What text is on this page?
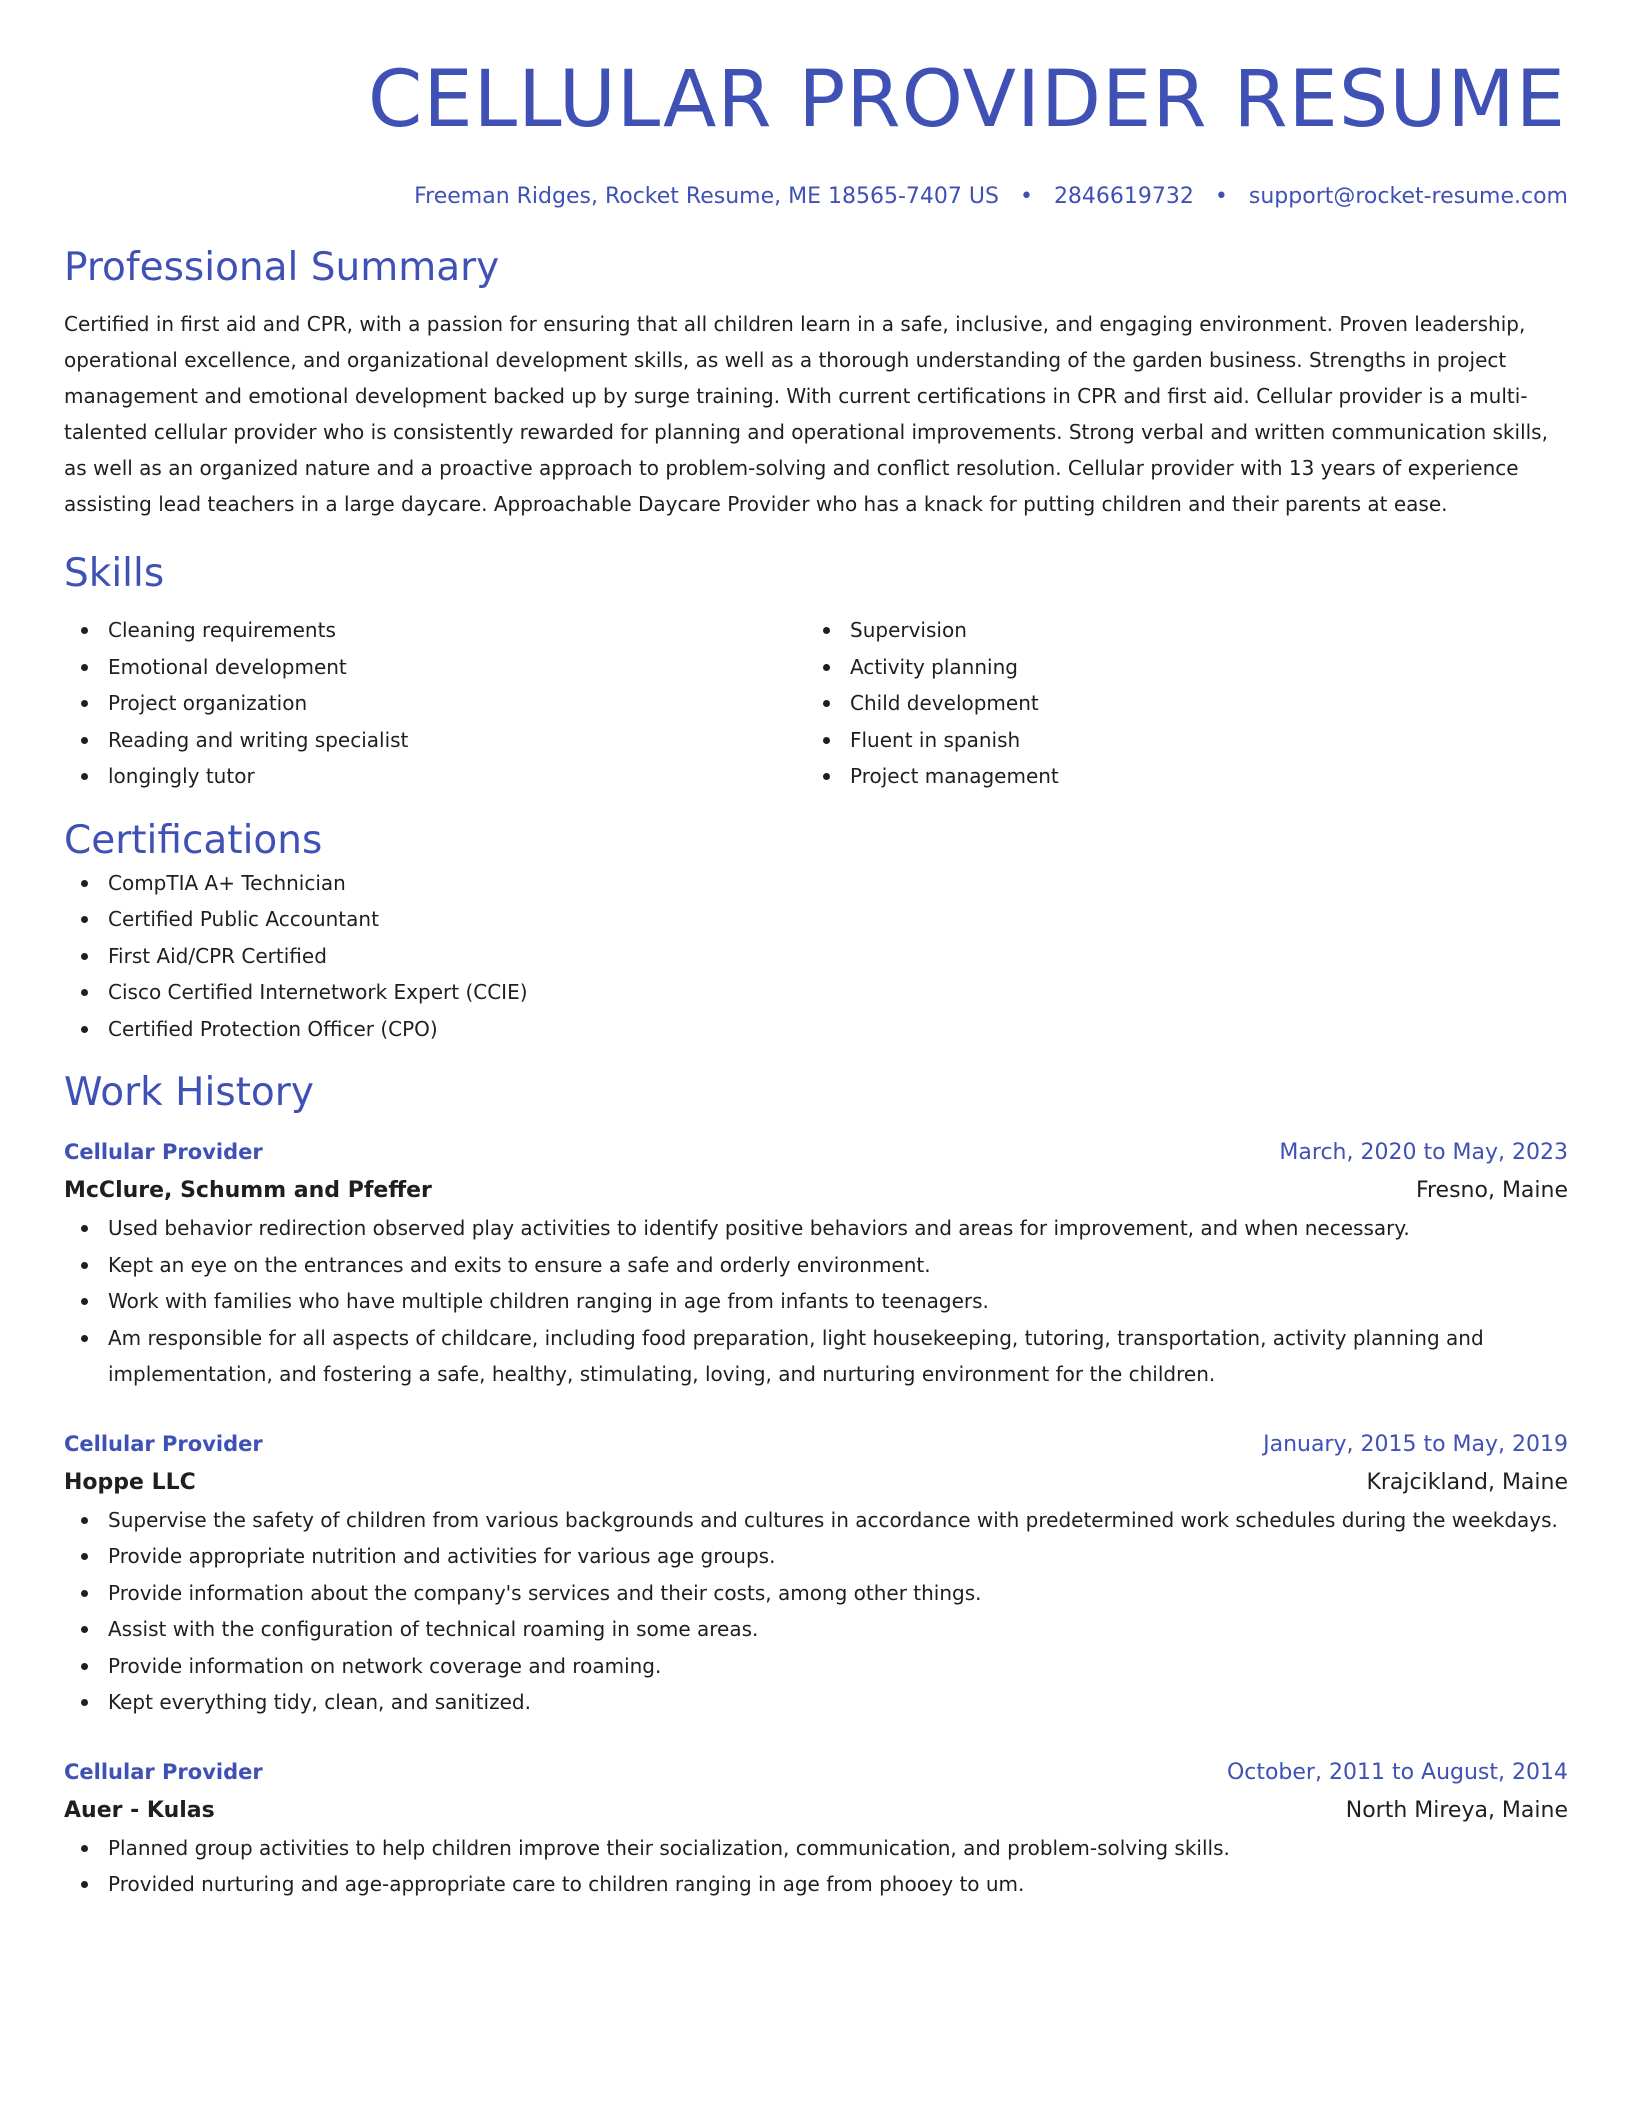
CELLULAR PROVIDER RESUME
Freeman Ridges, Rocket Resume, ME 18565-7407 US • 2846619732 • support@rocket-resume.com
Professional Summary
Certified in first aid and CPR, with a passion for ensuring that all children learn in a safe, inclusive, and engaging environment. Proven leadership, operational excellence, and organizational development skills, as well as a thorough understanding of the garden business. Strengths in project management and emotional development backed up by surge training. With current certifications in CPR and first aid. Cellular provider is a multi-talented cellular provider who is consistently rewarded for planning and operational improvements. Strong verbal and written communication skills, as well as an organized nature and a proactive approach to problem-solving and conflict resolution. Cellular provider with 13 years of experience assisting lead teachers in a large daycare. Approachable Daycare Provider who has a knack for putting children and their parents at ease.
Skills
Cleaning requirements
Emotional development
Project organization
Reading and writing specialist
longingly tutor
Supervision
Activity planning
Child development
Fluent in spanish
Project management
Certifications
CompTIA A+ Technician
Certified Public Accountant
First Aid/CPR Certified
Cisco Certified Internetwork Expert (CCIE)
Certified Protection Officer (CPO)
Work History
Cellular Provider	March, 2020 to May, 2023
McClure, Schumm and Pfeffer	Fresno, Maine
Used behavior redirection observed play activities to identify positive behaviors and areas for improvement, and when necessary.
Kept an eye on the entrances and exits to ensure a safe and orderly environment.
Work with families who have multiple children ranging in age from infants to teenagers.
Am responsible for all aspects of childcare, including food preparation, light housekeeping, tutoring, transportation, activity planning and implementation, and fostering a safe, healthy, stimulating, loving, and nurturing environment for the children.
Cellular Provider	January, 2015 to May, 2019
Hoppe LLC	Krajcikland, Maine
Supervise the safety of children from various backgrounds and cultures in accordance with predetermined work schedules during the weekdays.
Provide appropriate nutrition and activities for various age groups.
Provide information about the company's services and their costs, among other things.
Assist with the configuration of technical roaming in some areas.
Provide information on network coverage and roaming.
Kept everything tidy, clean, and sanitized.
Cellular Provider	October, 2011 to August, 2014
Auer - Kulas	North Mireya, Maine
Planned group activities to help children improve their socialization, communication, and problem-solving skills.
Provided nurturing and age-appropriate care to children ranging in age from phooey to um.
